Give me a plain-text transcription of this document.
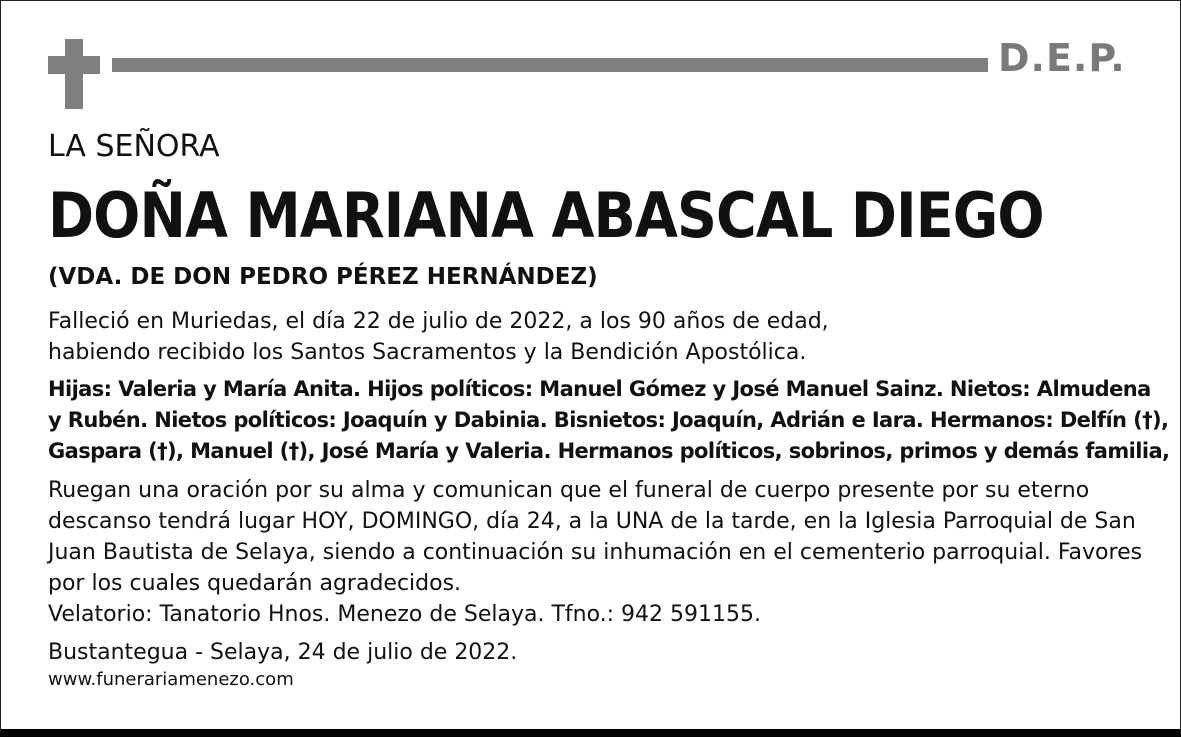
D.E.P.
LA SEÑORA
DOÑA MARIANA ABASCAL DIEGO
(VDA. DE DON PEDRO PÉREZ HERNÁNDEZ)
Falleció en Muriedas, el día 22 de julio de 2022, a los 90 años de edad,
habiendo recibido los Santos Sacramentos y la Bendición Apostólica.
Hijas: Valeria y María Anita. Hijos políticos: Manuel Gómez y José Manuel Sainz. Nietos: Almudena
y Rubén. Nietos políticos: Joaquín y Dabinia. Bisnietos: Joaquín, Adrián e Iara. Hermanos: Delfín (†),
Gaspara (†), Manuel (†), José María y Valeria. Hermanos políticos, sobrinos, primos y demás familia,
Ruegan una oración por su alma y comunican que el funeral de cuerpo presente por su eterno
descanso tendrá lugar HOY, DOMINGO, día 24, a la UNA de la tarde, en la Iglesia Parroquial de San
Juan Bautista de Selaya, siendo a continuación su inhumación en el cementerio parroquial. Favores
por los cuales quedarán agradecidos.
Velatorio: Tanatorio Hnos. Menezo de Selaya. Tfno.: 942 591155.
Bustantegua - Selaya, 24 de julio de 2022.
www.funerariamenezo.com
